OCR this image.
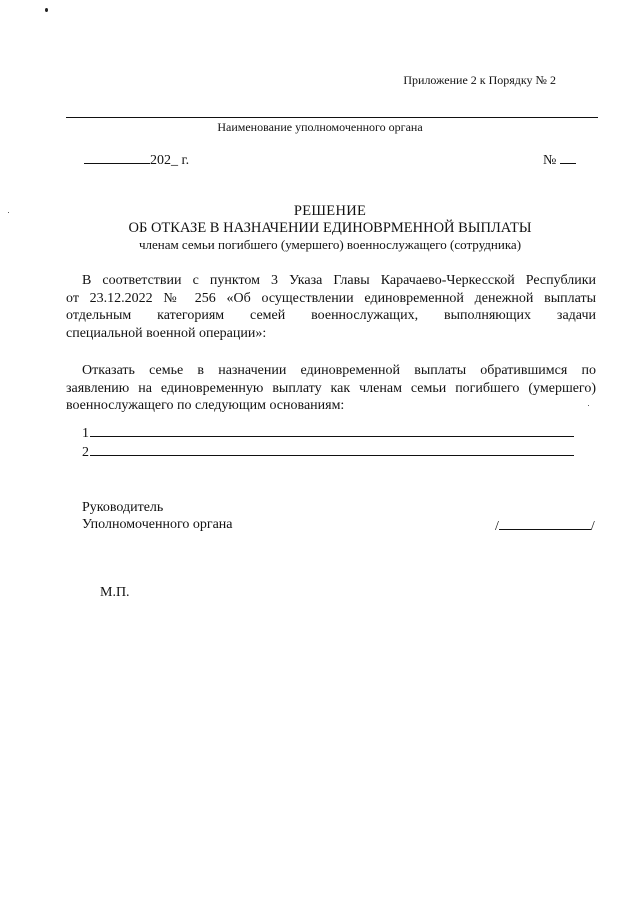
Приложение 2 к Порядку № 2
Наименование уполномоченного органа
202_ г.	№
РЕШЕНИЕ
ОБ ОТКАЗЕ В НАЗНАЧЕНИИ ЕДИНОВРМЕННОЙ ВЫПЛАТЫ
членам семьи погибшего (умершего) военнослужащего (сотрудника)
В соответствии с пунктом 3 Указа Главы Карачаево-Черкесской Республики
от 23.12.2022 № 256 «Об осуществлении единовременной денежной выплаты
отдельным категориям семей военнослужащих, выполняющих задачи
специальной военной операции»:
Отказать семье в назначении единовременной выплаты обратившимся по
заявлению на единовременную выплату как членам семьи погибшего (умершего)
военнослужащего по следующим основаниям:
1
2
Руководитель
Уполномоченного органа	/	/
М.П.
